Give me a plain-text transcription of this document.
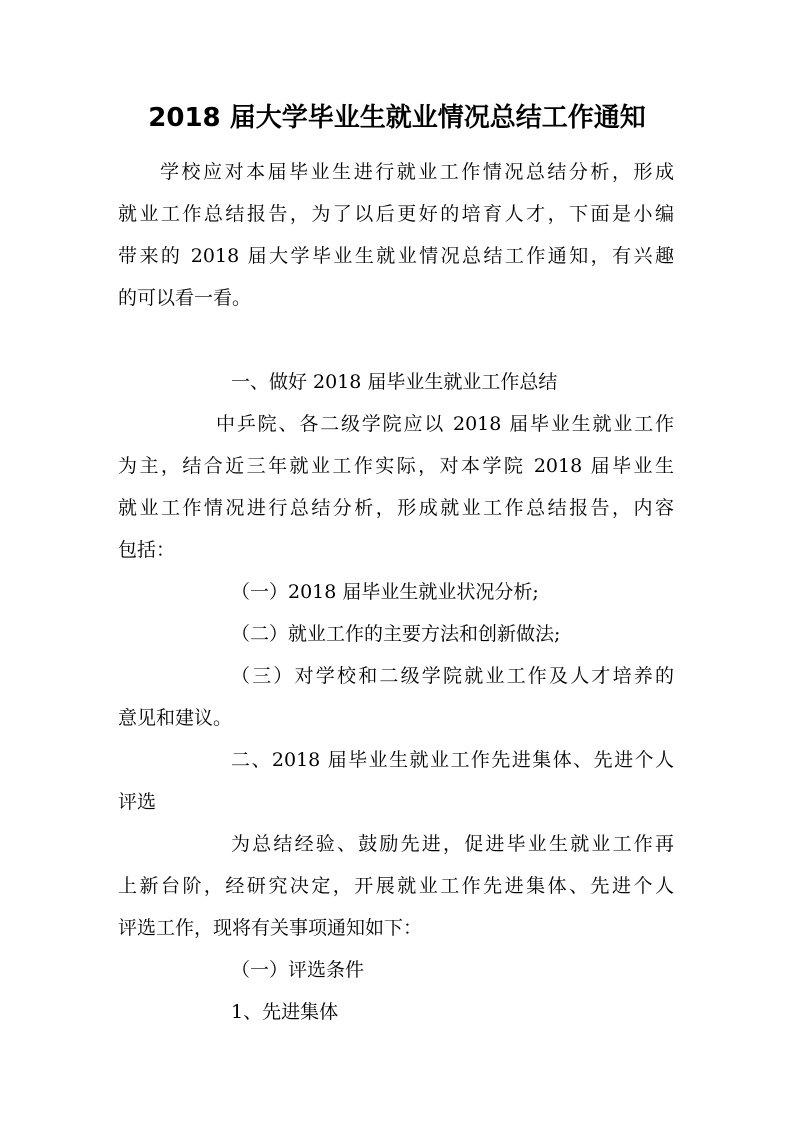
2018 届大学毕业生就业情况总结工作通知
学校应对本届毕业生进行就业工作情况总结分析，形成
就业工作总结报告，为了以后更好的培育人才，下面是小编
带来的 2018 届大学毕业生就业情况总结工作通知，有兴趣
的可以看一看。
一、做好 2018 届毕业生就业工作总结
中乒院、各二级学院应以 2018 届毕业生就业工作
为主，结合近三年就业工作实际，对本学院 2018 届毕业生
就业工作情况进行总结分析，形成就业工作总结报告，内容
包括：
（一）2018 届毕业生就业状况分析;
（二）就业工作的主要方法和创新做法;
（三）对学校和二级学院就业工作及人才培养的
意见和建议。
二、2018 届毕业生就业工作先进集体、先进个人
评选
为总结经验、鼓励先进，促进毕业生就业工作再
上新台阶，经研究决定，开展就业工作先进集体、先进个人
评选工作，现将有关事项通知如下：
（一）评选条件
1、先进集体
